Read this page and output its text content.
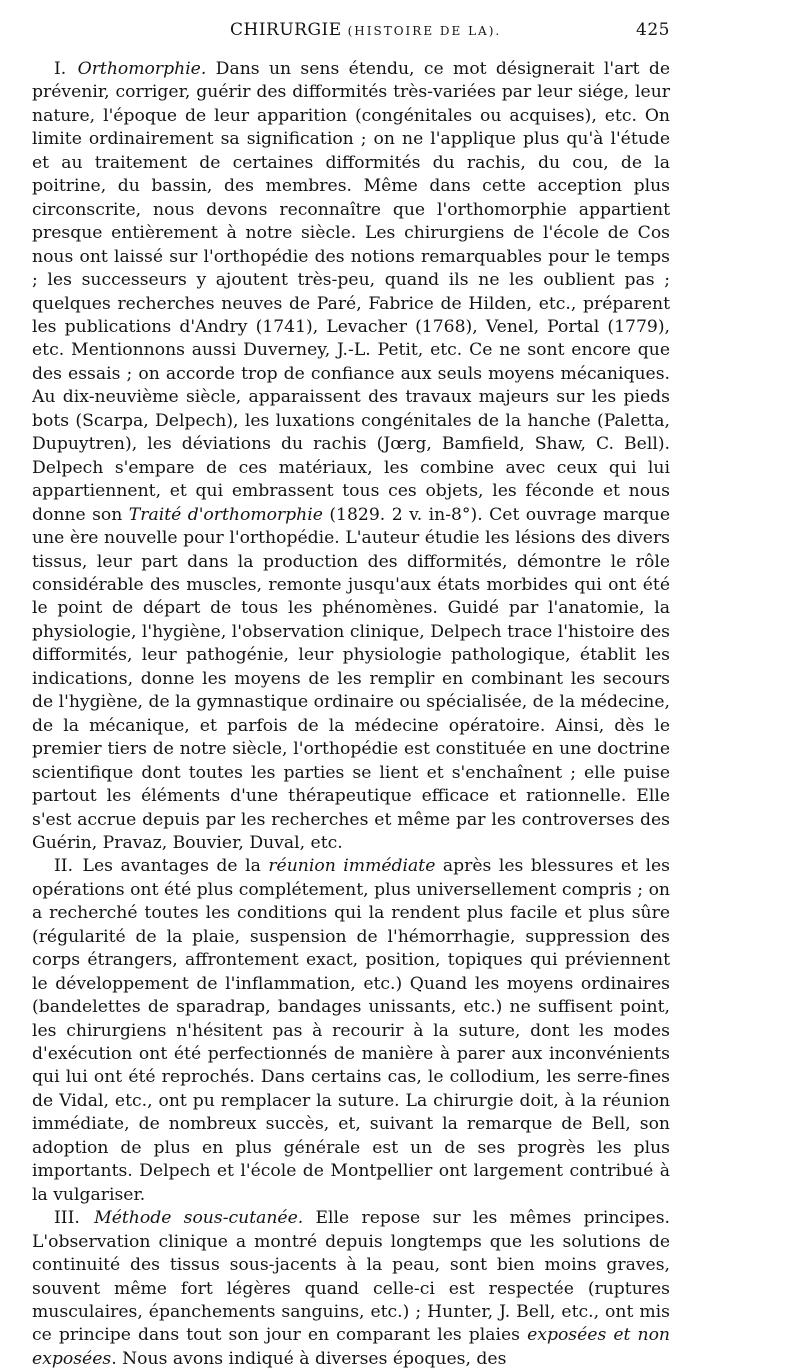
CHIRURGIE (HISTOIRE DE LA).	425

I. Orthomorphie. Dans un sens étendu, ce mot désignerait l'art de prévenir, corriger, guérir des difformités très-variées par leur siége, leur nature, l'époque de leur apparition (congénitales ou acquises), etc. On limite ordinairement sa signification ; on ne l'applique plus qu'à l'étude et au traitement de certaines difformités du rachis, du cou, de la poitrine, du bassin, des membres. Même dans cette acception plus circonscrite, nous devons reconnaître que l'orthomorphie appartient presque entièrement à notre siècle. Les chirurgiens de l'école de Cos nous ont laissé sur l'orthopédie des notions remarquables pour le temps ; les successeurs y ajoutent très-peu, quand ils ne les oublient pas ; quelques recherches neuves de Paré, Fabrice de Hilden, etc., préparent les publications d'Andry (1741), Levacher (1768), Venel, Portal (1779), etc. Mentionnons aussi Duverney, J.-L. Petit, etc. Ce ne sont encore que des essais ; on accorde trop de confiance aux seuls moyens mécaniques. Au dix-neuvième siècle, apparaissent des travaux majeurs sur les pieds bots (Scarpa, Delpech), les luxations congénitales de la hanche (Paletta, Dupuytren), les déviations du rachis (Jœrg, Bamfield, Shaw, C. Bell). Delpech s'empare de ces matériaux, les combine avec ceux qui lui appartiennent, et qui embrassent tous ces objets, les féconde et nous donne son Traité d'orthomorphie (1829. 2 v. in-8°). Cet ouvrage marque une ère nouvelle pour l'orthopédie. L'auteur étudie les lésions des divers tissus, leur part dans la production des difformités, démontre le rôle considérable des muscles, remonte jusqu'aux états morbides qui ont été le point de départ de tous les phénomènes. Guidé par l'anatomie, la physiologie, l'hygiène, l'observation clinique, Delpech trace l'histoire des difformités, leur pathogénie, leur physiologie pathologique, établit les indications, donne les moyens de les remplir en combinant les secours de l'hygiène, de la gymnastique ordinaire ou spécialisée, de la médecine, de la mécanique, et parfois de la médecine opératoire. Ainsi, dès le premier tiers de notre siècle, l'orthopédie est constituée en une doctrine scientifique dont toutes les parties se lient et s'enchaînent ; elle puise partout les éléments d'une thérapeutique efficace et rationnelle. Elle s'est accrue depuis par les recherches et même par les controverses des Guérin, Pravaz, Bouvier, Duval, etc.

II. Les avantages de la réunion immédiate après les blessures et les opérations ont été plus complétement, plus universellement compris ; on a recherché toutes les conditions qui la rendent plus facile et plus sûre (régularité de la plaie, suspension de l'hémorrhagie, suppression des corps étrangers, affrontement exact, position, topiques qui préviennent le développement de l'inflammation, etc.) Quand les moyens ordinaires (bandelettes de sparadrap, bandages unissants, etc.) ne suffisent point, les chirurgiens n'hésitent pas à recourir à la suture, dont les modes d'exécution ont été perfectionnés de manière à parer aux inconvénients qui lui ont été reprochés. Dans certains cas, le collodium, les serre-fines de Vidal, etc., ont pu remplacer la suture. La chirurgie doit, à la réunion immédiate, de nombreux succès, et, suivant la remarque de Bell, son adoption de plus en plus générale est un de ses progrès les plus importants. Delpech et l'école de Montpellier ont largement contribué à la vulgariser.

III. Méthode sous-cutanée. Elle repose sur les mêmes principes. L'observation clinique a montré depuis longtemps que les solutions de continuité des tissus sous-jacents à la peau, sont bien moins graves, souvent même fort légères quand celle-ci est respectée (ruptures musculaires, épanchements sanguins, etc.) ; Hunter, J. Bell, etc., ont mis ce principe dans tout son jour en comparant les plaies exposées et non exposées. Nous avons indiqué à diverses époques, des
